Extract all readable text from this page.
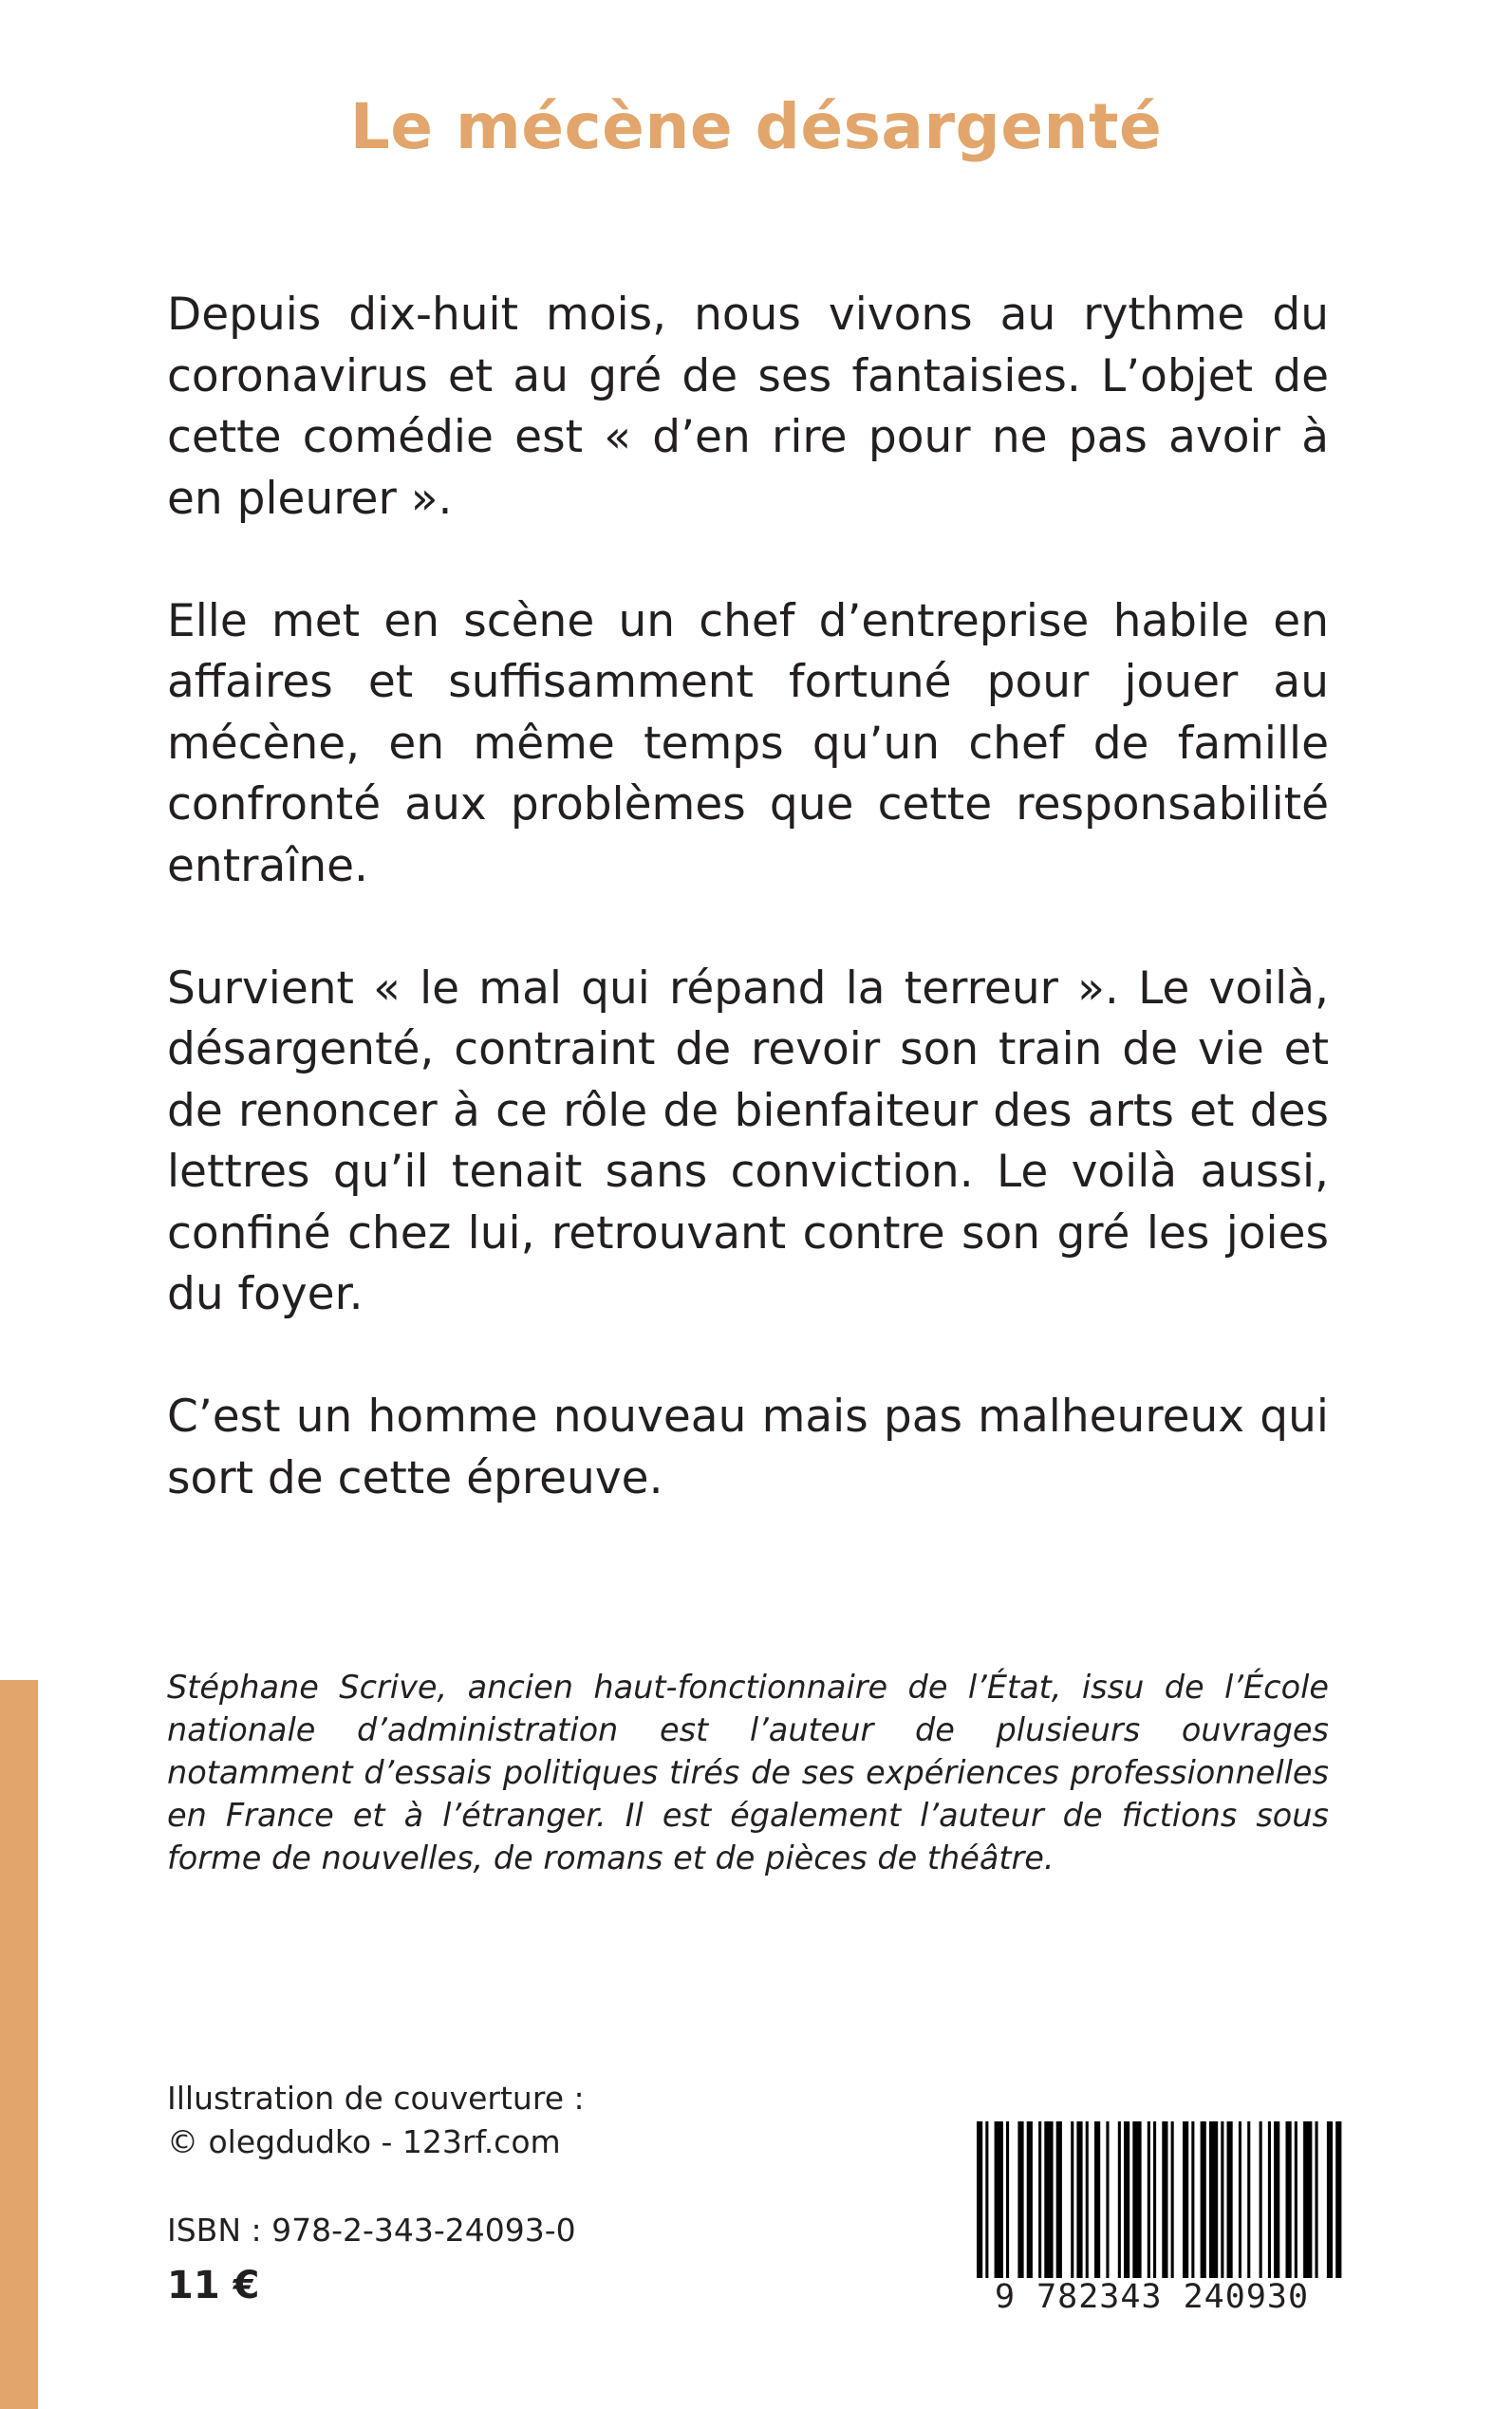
Le mécène désargenté

Depuis dix-huit mois, nous vivons au rythme du coronavirus et au gré de ses fantaisies. L’objet de cette comédie est « d’en rire pour ne pas avoir à en pleurer ».

Elle met en scène un chef d’entreprise habile en affaires et suffisamment fortuné pour jouer au mécène, en même temps qu’un chef de famille confronté aux problèmes que cette responsabilité entraîne.

Survient « le mal qui répand la terreur ». Le voilà, désargenté, contraint de revoir son train de vie et de renoncer à ce rôle de bienfaiteur des arts et des lettres qu’il tenait sans conviction. Le voilà aussi, confiné chez lui, retrouvant contre son gré les joies du foyer.

C’est un homme nouveau mais pas malheureux qui sort de cette épreuve.

Stéphane Scrive, ancien haut-fonctionnaire de l’État, issu de l’École nationale d’administration est l’auteur de plusieurs ouvrages notamment d’essais politiques tirés de ses expériences professionnelles en France et à l’étranger. Il est également l’auteur de fictions sous forme de nouvelles, de romans et de pièces de théâtre.

Illustration de couverture :
© olegdudko - 123rf.com
ISBN : 978-2-343-24093-0
11 €	9 782343 240930
